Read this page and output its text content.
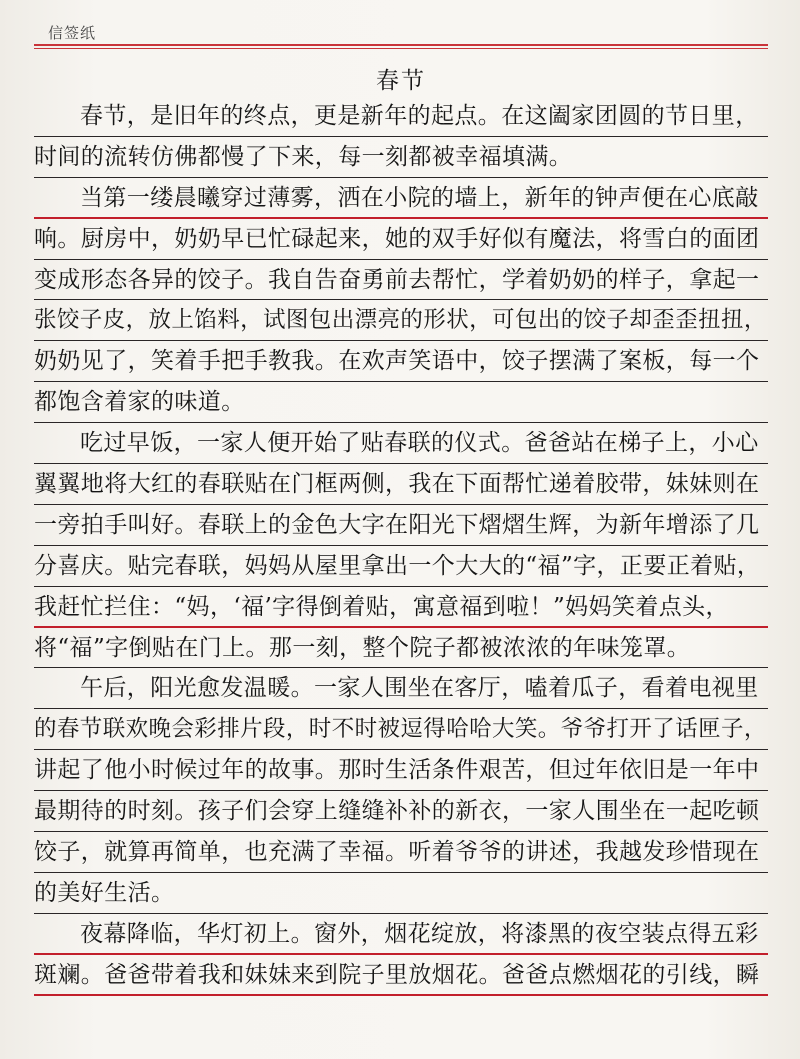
信签纸
春节
春节，是旧年的终点，更是新年的起点。在这阖家团圆的节日里，
时间的流转仿佛都慢了下来，每一刻都被幸福填满。
当第一缕晨曦穿过薄雾，洒在小院的墙上，新年的钟声便在心底敲
响。厨房中，奶奶早已忙碌起来，她的双手好似有魔法，将雪白的面团
变成形态各异的饺子。我自告奋勇前去帮忙，学着奶奶的样子，拿起一
张饺子皮，放上馅料，试图包出漂亮的形状，可包出的饺子却歪歪扭扭，
奶奶见了，笑着手把手教我。在欢声笑语中，饺子摆满了案板，每一个
都饱含着家的味道。
吃过早饭，一家人便开始了贴春联的仪式。爸爸站在梯子上，小心
翼翼地将大红的春联贴在门框两侧，我在下面帮忙递着胶带，妹妹则在
一旁拍手叫好。春联上的金色大字在阳光下熠熠生辉，为新年增添了几
分喜庆。贴完春联，妈妈从屋里拿出一个大大的“福”字，正要正着贴，
我赶忙拦住：“妈，‘福’字得倒着贴，寓意福到啦！”妈妈笑着点头，
将“福”字倒贴在门上。那一刻，整个院子都被浓浓的年味笼罩。
午后，阳光愈发温暖。一家人围坐在客厅，嗑着瓜子，看着电视里
的春节联欢晚会彩排片段，时不时被逗得哈哈大笑。爷爷打开了话匣子，
讲起了他小时候过年的故事。那时生活条件艰苦，但过年依旧是一年中
最期待的时刻。孩子们会穿上缝缝补补的新衣，一家人围坐在一起吃顿
饺子，就算再简单，也充满了幸福。听着爷爷的讲述，我越发珍惜现在
的美好生活。
夜幕降临，华灯初上。窗外，烟花绽放，将漆黑的夜空装点得五彩
斑斓。爸爸带着我和妹妹来到院子里放烟花。爸爸点燃烟花的引线，瞬
